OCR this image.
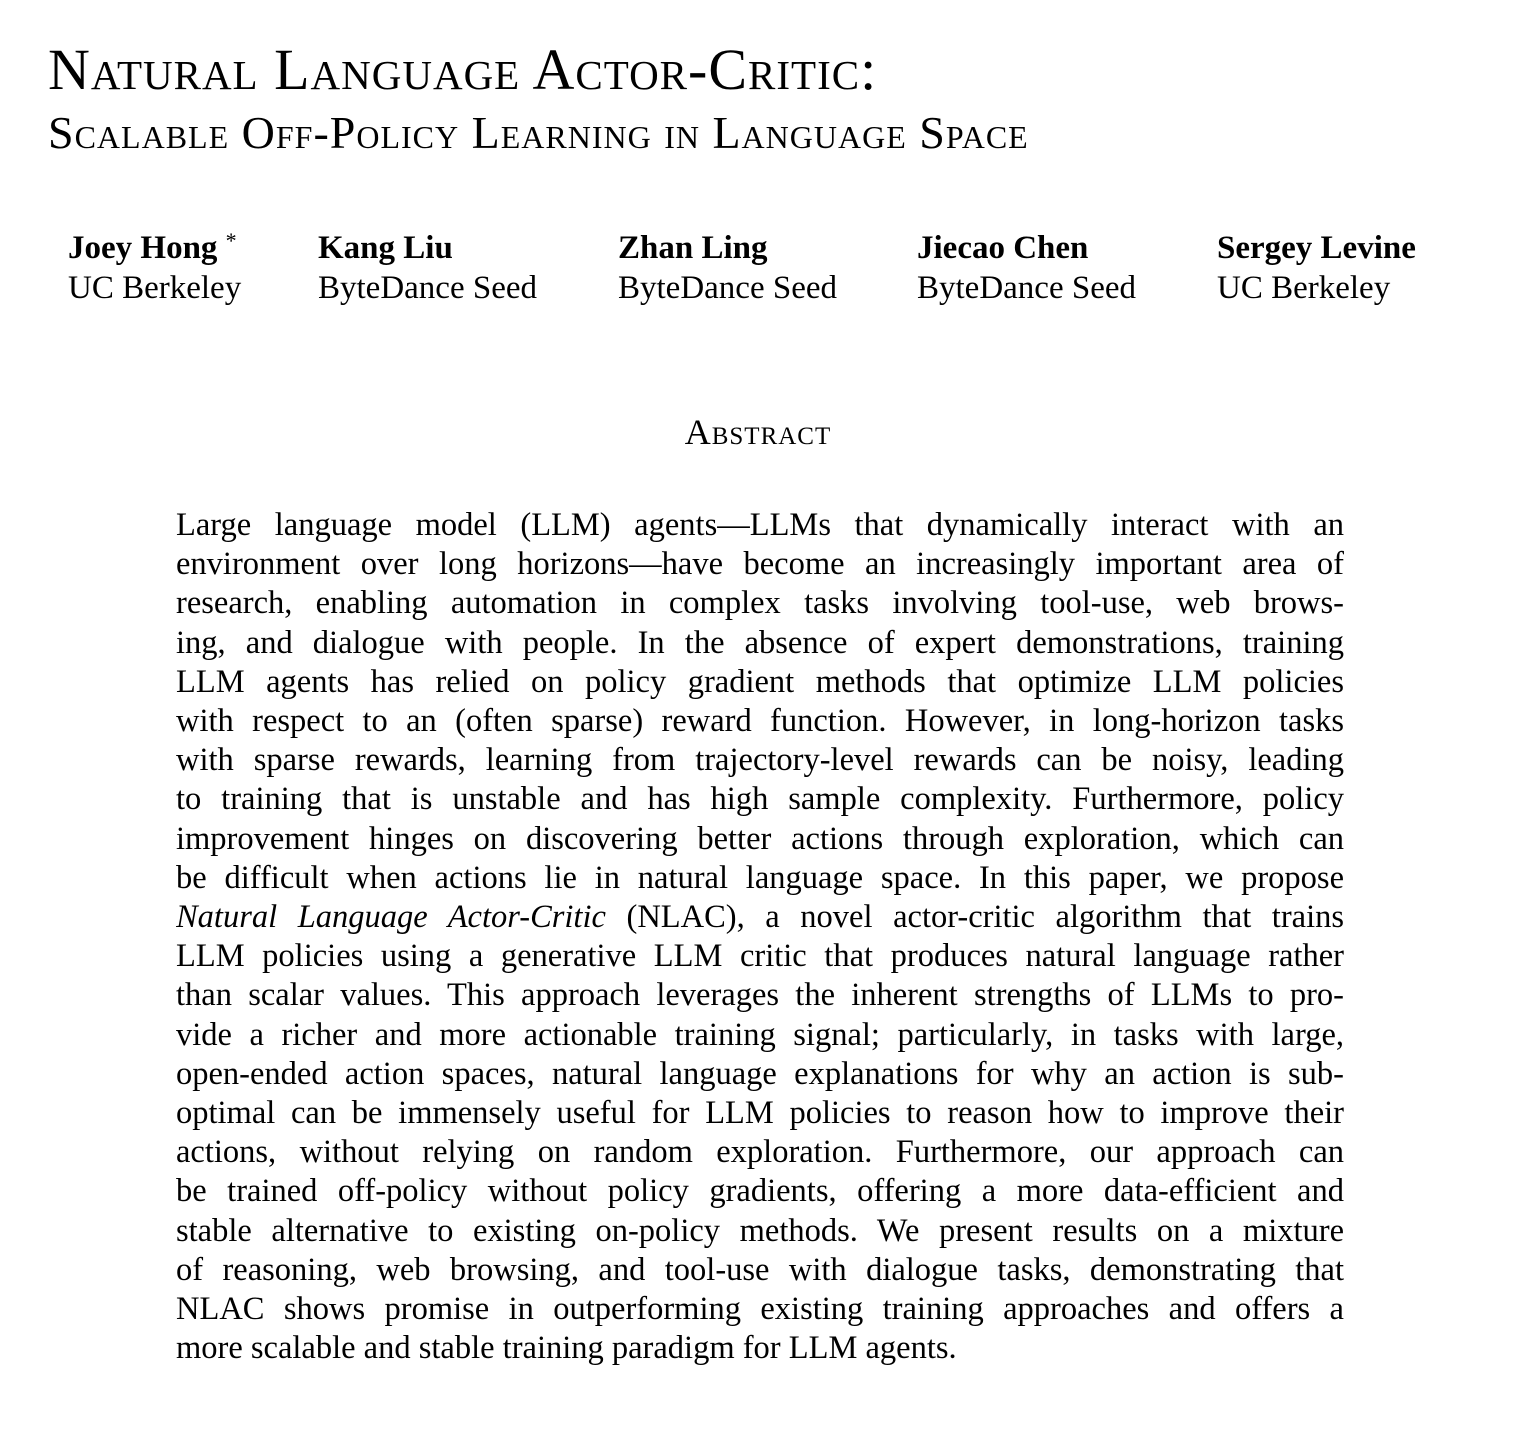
Natural Language Actor-Critic:
Scalable Off-Policy Learning in Language Space
Joey Hong *
UC Berkeley
Kang Liu
ByteDance Seed
Zhan Ling
ByteDance Seed
Jiecao Chen
ByteDance Seed
Sergey Levine
UC Berkeley
Abstract
Large language model (LLM) agents—LLMs that dynamically interact with an
environment over long horizons—have become an increasingly important area of
research, enabling automation in complex tasks involving tool-use, web brows-
ing, and dialogue with people. In the absence of expert demonstrations, training
LLM agents has relied on policy gradient methods that optimize LLM policies
with respect to an (often sparse) reward function. However, in long-horizon tasks
with sparse rewards, learning from trajectory-level rewards can be noisy, leading
to training that is unstable and has high sample complexity. Furthermore, policy
improvement hinges on discovering better actions through exploration, which can
be difficult when actions lie in natural language space. In this paper, we propose
Natural Language Actor-Critic (NLAC), a novel actor-critic algorithm that trains
LLM policies using a generative LLM critic that produces natural language rather
than scalar values. This approach leverages the inherent strengths of LLMs to pro-
vide a richer and more actionable training signal; particularly, in tasks with large,
open-ended action spaces, natural language explanations for why an action is sub-
optimal can be immensely useful for LLM policies to reason how to improve their
actions, without relying on random exploration. Furthermore, our approach can
be trained off-policy without policy gradients, offering a more data-efficient and
stable alternative to existing on-policy methods. We present results on a mixture
of reasoning, web browsing, and tool-use with dialogue tasks, demonstrating that
NLAC shows promise in outperforming existing training approaches and offers a
more scalable and stable training paradigm for LLM agents.
